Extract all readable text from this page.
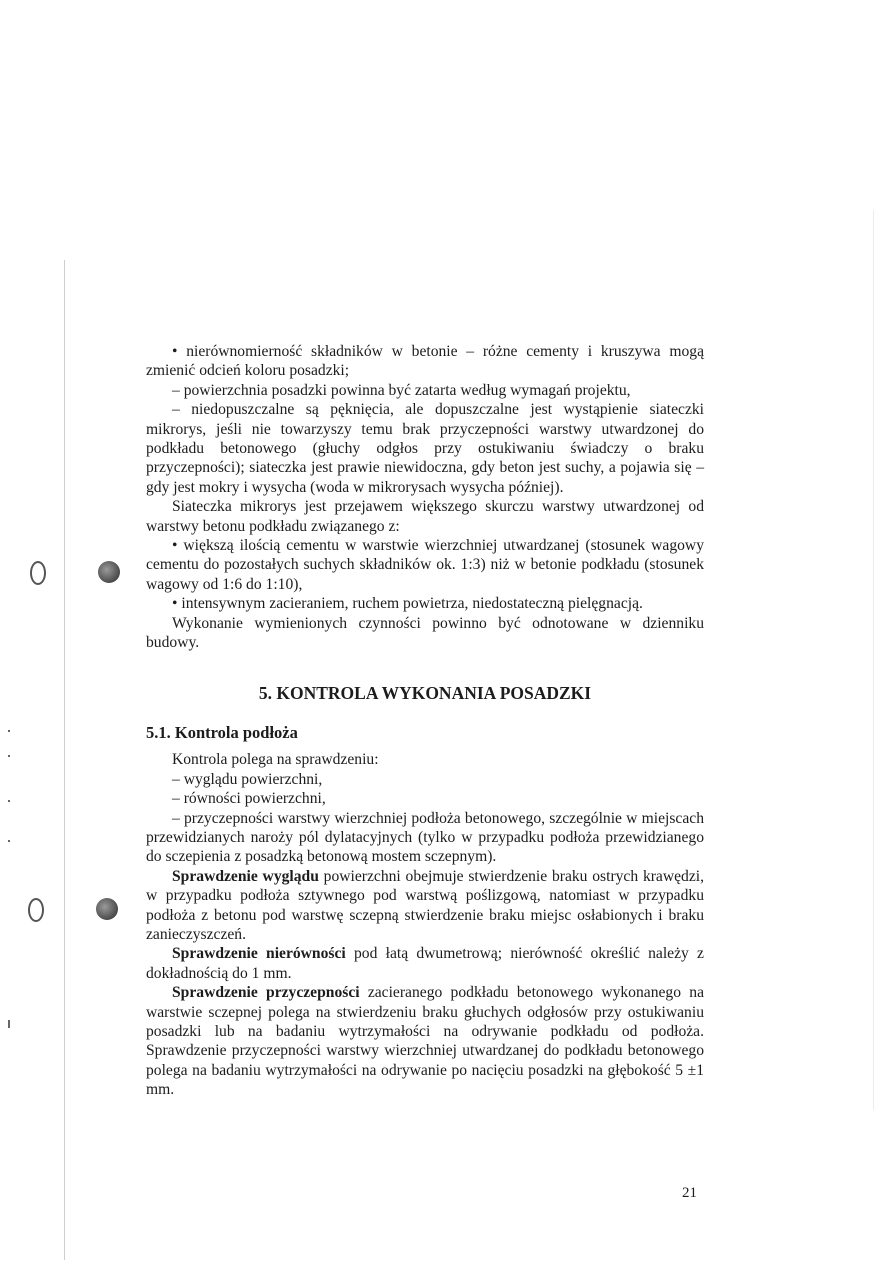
• nierównomierność składników w betonie – różne cementy i kruszywa mogą zmienić odcień koloru posadzki;

– powierzchnia posadzki powinna być zatarta według wymagań projektu,

– niedopuszczalne są pęknięcia, ale dopuszczalne jest wystąpienie siateczki mikrorys, jeśli nie towarzyszy temu brak przyczepności warstwy utwardzonej do podkładu betonowego (głuchy odgłos przy ostukiwaniu świadczy o braku przyczepności); siateczka jest prawie niewidoczna, gdy beton jest suchy, a pojawia się – gdy jest mokry i wysycha (woda w mikrorysach wysycha później).

Siateczka mikrorys jest przejawem większego skurczu warstwy utwardzonej od warstwy betonu podkładu związanego z:

• większą ilością cementu w warstwie wierzchniej utwardzanej (stosunek wagowy cementu do pozostałych suchych składników ok. 1:3) niż w betonie podkładu (stosunek wagowy od 1:6 do 1:10),

• intensywnym zacieraniem, ruchem powietrza, niedostateczną pielęgnacją.

Wykonanie wymienionych czynności powinno być odnotowane w dzienniku budowy.

5. KONTROLA WYKONANIA POSADZKI

5.1. Kontrola podłoża

Kontrola polega na sprawdzeniu:

– wyglądu powierzchni,

– równości powierzchni,

– przyczepności warstwy wierzchniej podłoża betonowego, szczególnie w miejscach przewidzianych naroży pól dylatacyjnych (tylko w przypadku podłoża przewidzianego do sczepienia z posadzką betonową mostem sczepnym).

Sprawdzenie wyglądu powierzchni obejmuje stwierdzenie braku ostrych krawędzi, w przypadku podłoża sztywnego pod warstwą poślizgową, natomiast w przypadku podłoża z betonu pod warstwę sczepną stwierdzenie braku miejsc osłabionych i braku zanieczyszczeń.

Sprawdzenie nierówności pod łatą dwumetrową; nierówność określić należy z dokładnością do 1 mm.

Sprawdzenie przyczepności zacieranego podkładu betonowego wykonanego na warstwie sczepnej polega na stwierdzeniu braku głuchych odgłosów przy ostukiwaniu posadzki lub na badaniu wytrzymałości na odrywanie podkładu od podłoża. Sprawdzenie przyczepności warstwy wierzchniej utwardzanej do podkładu betonowego polega na badaniu wytrzymałości na odrywanie po nacięciu posadzki na głębokość 5 ±1 mm.

21
